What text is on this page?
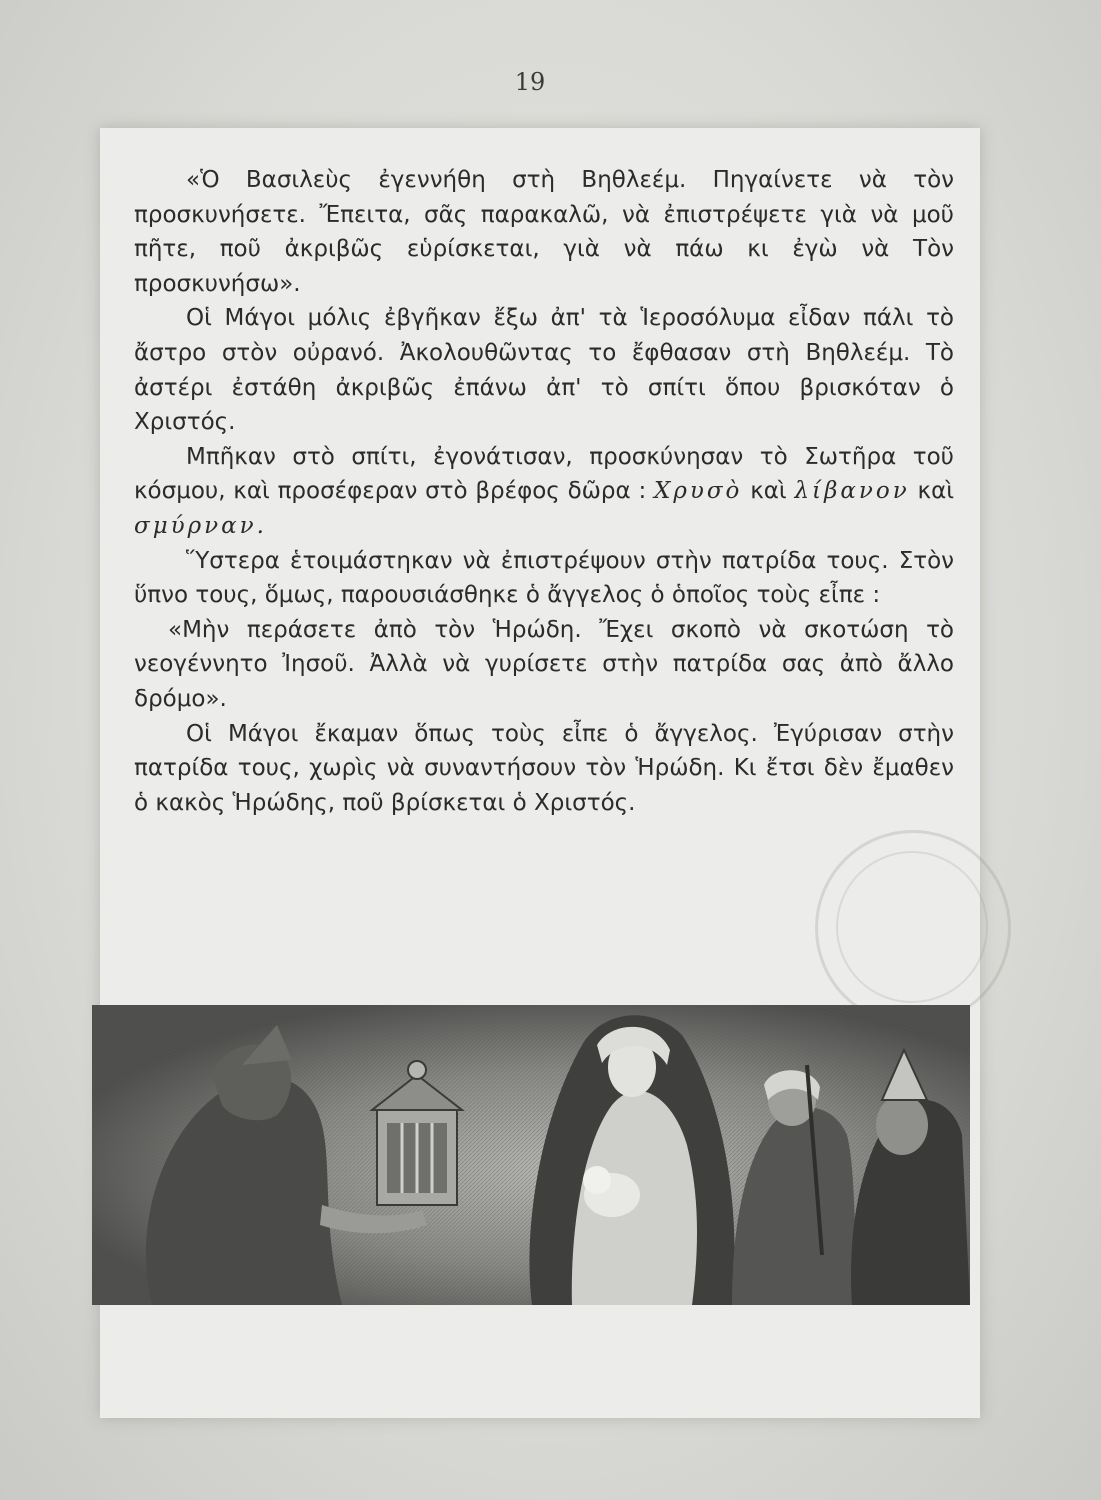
19

«Ὁ Βασιλεὺς ἐγεννήθη στὴ Βηθλεέμ. Πηγαίνετε νὰ τὸν προσκυνήσετε. Ἔπειτα, σᾶς παρακαλῶ, νὰ ἐπιστρέψετε γιὰ νὰ μοῦ πῆτε, ποῦ ἀκριβῶς εὑρίσκεται, γιὰ νὰ πάω κι ἐγὼ νὰ Τὸν προσκυνήσω».

Οἱ Μάγοι μόλις ἐβγῆκαν ἔξω ἀπ' τὰ Ἱεροσόλυμα εἶδαν πάλι τὸ ἄστρο στὸν οὐρανό. Ἀκολουθῶντας το ἔφθασαν στὴ Βηθλεέμ. Τὸ ἀστέρι ἐστάθη ἀκριβῶς ἐπάνω ἀπ' τὸ σπίτι ὅπου βρισκόταν ὁ Χριστός.

Μπῆκαν στὸ σπίτι, ἐγονάτισαν, προσκύνησαν τὸ Σωτῆρα τοῦ κόσμου, καὶ προσέφεραν στὸ βρέφος δῶρα : Χρυσὸ καὶ λίβανον καὶ σμύρναν.

Ὕστερα ἑτοιμάστηκαν νὰ ἐπιστρέψουν στὴν πατρίδα τους. Στὸν ὕπνο τους, ὅμως, παρουσιάσθηκε ὁ ἄγγελος ὁ ὁποῖος τοὺς εἶπε :

«Μὴν περάσετε ἀπὸ τὸν Ἡρώδη. Ἔχει σκοπὸ νὰ σκοτώση τὸ νεογέννητο Ἰησοῦ. Ἀλλὰ νὰ γυρίσετε στὴν πατρίδα σας ἀπὸ ἄλλο δρόμο».

Οἱ Μάγοι ἔκαμαν ὅπως τοὺς εἶπε ὁ ἄγγελος. Ἐγύρισαν στὴν πατρίδα τους, χωρὶς νὰ συναντήσουν τὸν Ἡρώδη. Κι ἔτσι δὲν ἔμαθεν ὁ κακὸς Ἡρώδης, ποῦ βρίσκεται ὁ Χριστός.
